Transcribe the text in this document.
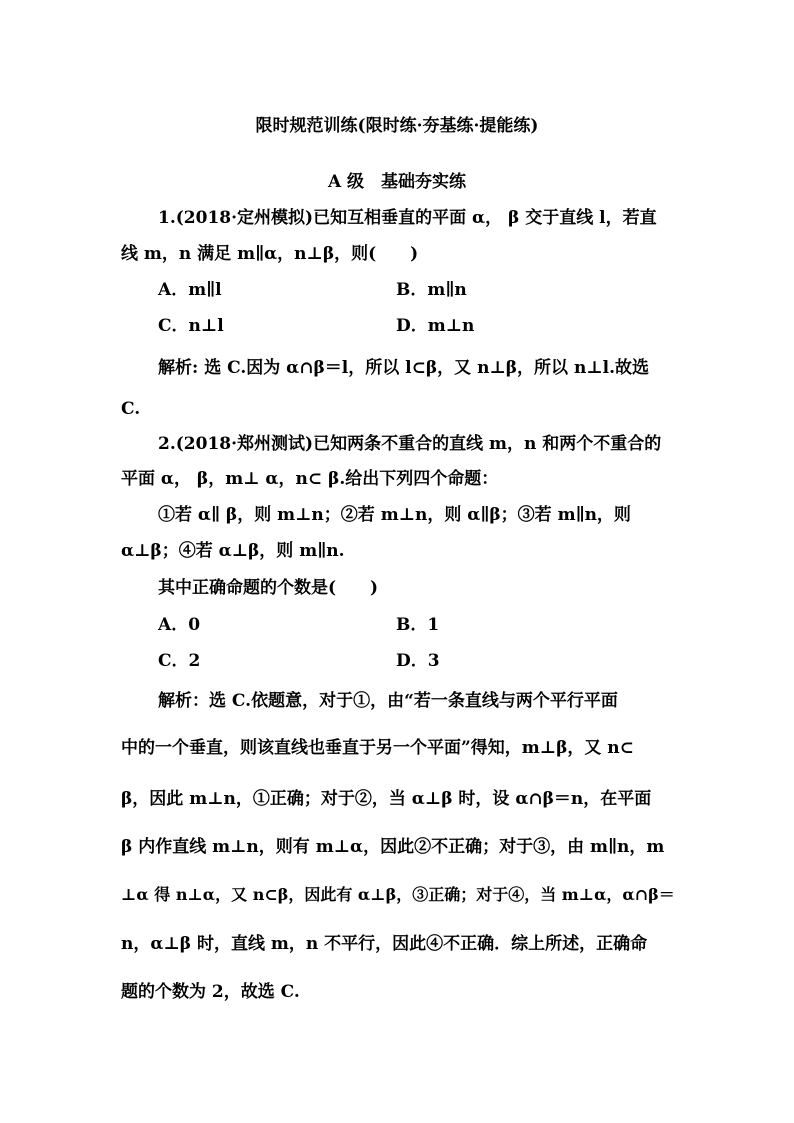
限时规范训练(限时练·夯基练·提能练)
A 级　基础夯实练
1.(2018·定州模拟)已知互相垂直的平面 α， β 交于直线 l，若直
线 m，n 满足 m∥α，n⊥β，则(　　)
A．m∥l	B．m∥n
C．n⊥l	D．m⊥n
解析: 选 C.因为 α∩β＝l，所以 l⊂β，又 n⊥β，所以 n⊥l.故选
C.
2.(2018·郑州测试)已知两条不重合的直线 m，n 和两个不重合的
平面 α， β，m⊥ α，n⊂ β.给出下列四个命题：
①若 α∥ β，则 m⊥n；②若 m⊥n，则 α∥β；③若 m∥n，则
α⊥β；④若 α⊥β，则 m∥n.
其中正确命题的个数是(　　)
A．0	B．1
C．2	D．3
解析：选 C.依题意，对于①，由“若一条直线与两个平行平面
中的一个垂直，则该直线也垂直于另一个平面”得知，m⊥β，又 n⊂
β，因此 m⊥n，①正确；对于②，当 α⊥β 时，设 α∩β＝n，在平面
β 内作直线 m⊥n，则有 m⊥α，因此②不正确；对于③，由 m∥n，m
⊥α 得 n⊥α，又 n⊂β，因此有 α⊥β，③正确；对于④，当 m⊥α，α∩β＝
n，α⊥β 时，直线 m，n 不平行，因此④不正确．综上所述，正确命
题的个数为 2，故选 C.
